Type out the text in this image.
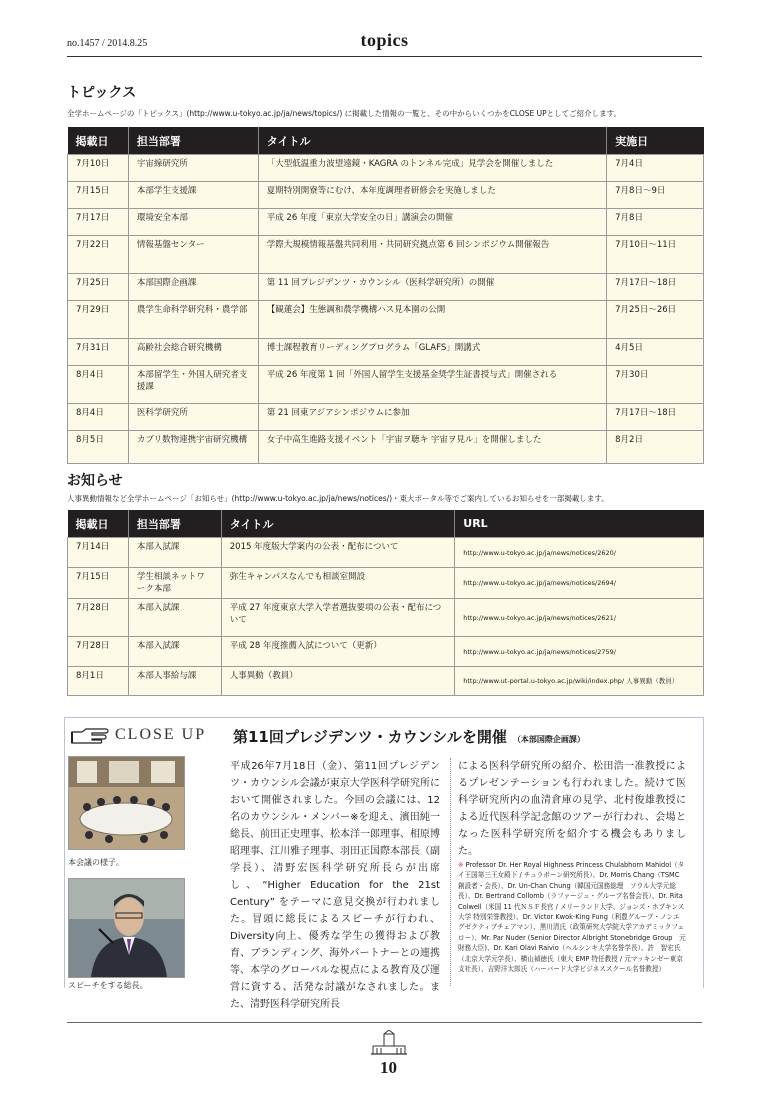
no.1457 / 2014.8.25	topics
トピックス
全学ホームページの「トピックス」(http://www.u-tokyo.ac.jp/ja/news/topics/) に掲載した情報の一覧と、その中からいくつかをCLOSE UPとしてご紹介します。
掲載日	担当部署	タイトル	実施日
7月10日	宇宙線研究所	「大型低温重力波望遠鏡・KAGRA のトンネル完成」見学会を開催しました	7月4日
7月15日	本部学生支援課	夏期特別開寮等にむけ、本年度調理者研修会を実施しました	7月8日～9日
7月17日	環境安全本部	平成 26 年度「東京大学安全の日」講演会の開催	7月8日
7月22日	情報基盤センター	学際大規模情報基盤共同利用・共同研究拠点第 6 回シンポジウム開催報告	7月10日～11日
7月25日	本部国際企画課	第 11 回プレジデンツ・カウンシル（医科学研究所）の開催	7月17日～18日
7月29日	農学生命科学研究科・農学部	【観蓮会】生態調和農学機構ハス見本園の公開	7月25日～26日
7月31日	高齢社会総合研究機構	博士課程教育リーディングプログラム「GLAFS」開講式	4月5日
8月4日	本部留学生・外国人研究者支援課	平成 26 年度第 1 回「外国人留学生支援基金奨学生証書授与式」開催される	7月30日
8月4日	医科学研究所	第 21 回東アジアシンポジウムに参加	7月17日～18日
8月5日	カブリ数物連携宇宙研究機構	女子中高生進路支援イベント「宇宙ヲ聴キ 宇宙ヲ見ル」を開催しました	8月2日
お知らせ
人事異動情報など全学ホームページ「お知らせ」(http://www.u-tokyo.ac.jp/ja/news/notices/)・東大ポータル等でご案内しているお知らせを一部掲載します。
掲載日	担当部署	タイトル	URL
7月14日	本部入試課	2015 年度版大学案内の公表・配布について	http://www.u-tokyo.ac.jp/ja/news/notices/2620/
7月15日	学生相談ネットワーク本部	弥生キャンパスなんでも相談室開設	http://www.u-tokyo.ac.jp/ja/news/notices/2694/
7月28日	本部入試課	平成 27 年度東京大学入学者選抜要項の公表・配布について	http://www.u-tokyo.ac.jp/ja/news/notices/2621/
7月28日	本部入試課	平成 28 年度推薦入試について（更新）	http://www.u-tokyo.ac.jp/ja/news/notices/2759/
8月1日	本部人事給与課	人事異動（教員）	http://www.ut-portal.u-tokyo.ac.jp/wiki/index.php/ 人事異動（教員）
CLOSE UP 第11回プレジデンツ・カウンシルを開催 （本部国際企画課）
本会議の様子。
スピーチをする総長。
平成26年7月18日（金）、第11回プレジデンツ・カウンシル会議が東京大学医科学研究所において開催されました。今回の会議には、12名のカウンシル・メンバー※を迎え、濱田純一総長、前田正史理事、松本洋一郎理事、相原博昭理事、江川雅子理事、羽田正国際本部長（副学長）、清野宏医科学研究所長らが出席し、“Higher Education for the 21st Century” をテーマに意見交換が行われました。冒頭に総長によるスピーチが行われ、Diversity向上、優秀な学生の獲得および教育、ブランディング、海外パートナーとの連携等、本学のグローバルな視点による教育及び運営に資する、活発な討議がなされました。また、清野医科学研究所長
による医科学研究所の紹介、松田浩一准教授によるプレゼンテーションも行われました。続けて医科学研究所内の血清倉庫の見学、北村俊雄教授による近代医科学記念館のツアーが行われ、会場となった医科学研究所を紹介する機会もありました。
※ Professor Dr. Her Royal Highness Princess Chulabhorn Mahidol（タイ王国第三王女殿下 / チュラボーン研究所長）、Dr. Morris Chang（TSMC 創設者・会長）、Dr. Un-Chan Chung（韓国元国務総理　ソウル大学元総長）、Dr. Bertrand Collomb（ラファージュ・グループ名誉会長）、Dr. Rita Colwell（米国 11 代ＮＳＦ長官 / メリーランド大学、ジョンズ・ホプキンス大学 特別栄誉教授）、Dr. Victor Kwok-King Fung（利豊グループ・ノンエグゼクティブチェアマン）、黒川清氏（政策研究大学院大学アカデミックフェロー）、Mr. Par Nuder (Senior Director Albright Stonebridge Group　元財務大臣)、Dr. Kari Olavi Raivio（ヘルシンキ大学名誉学長）、許　智宏氏（北京大学元学長）、横山禎徳氏（東大 EMP 特任教授 / 元マッキンゼー東京支社長）、吉野洋太郎氏（ハーバード大学ビジネススクール名誉教授）
10
